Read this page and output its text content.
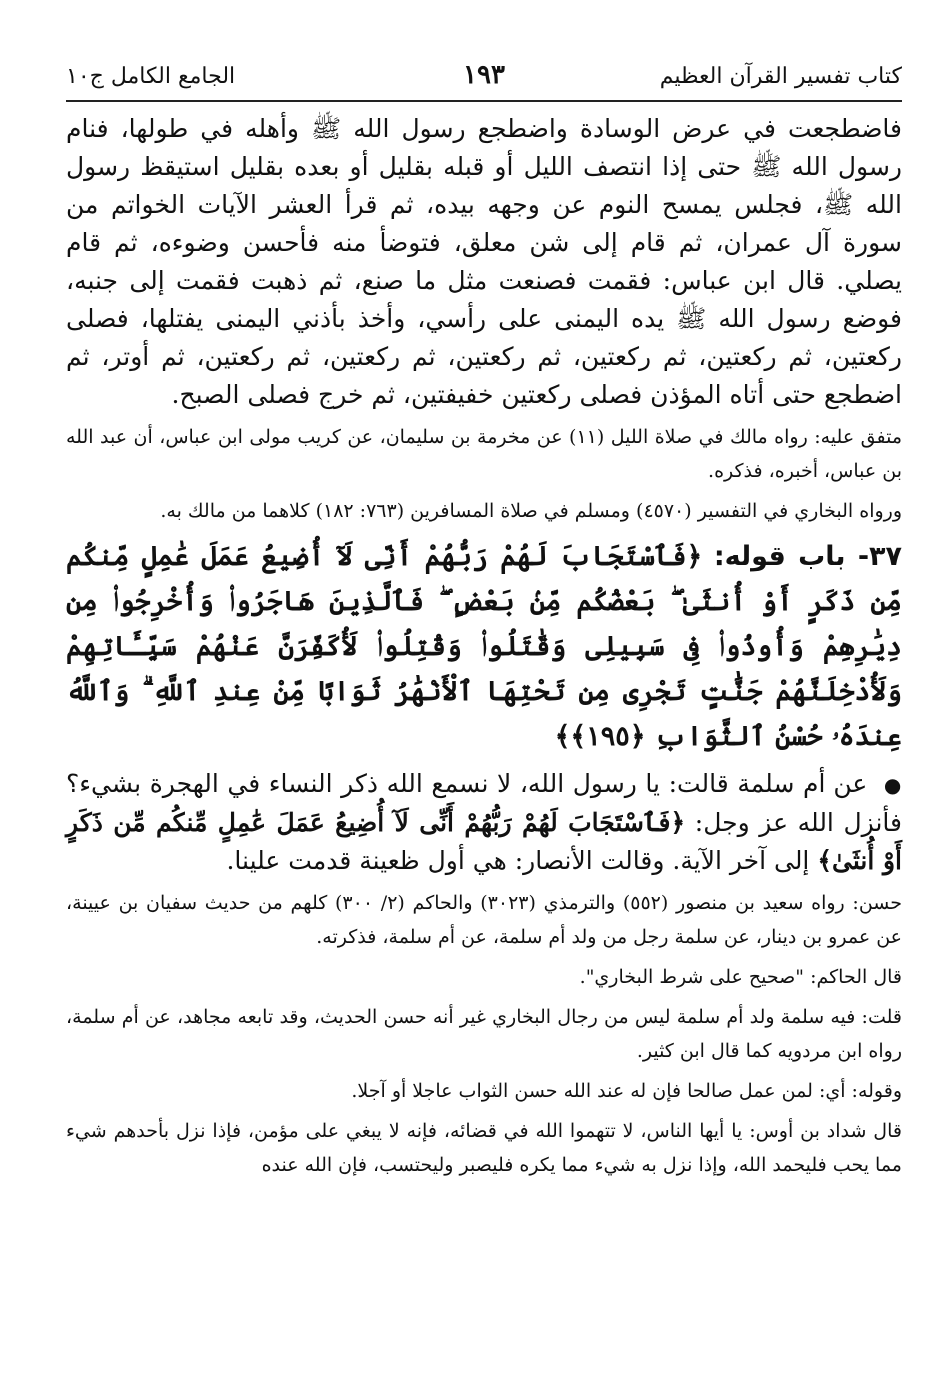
كتاب تفسير القرآن العظيم
١٩٣
الجامع الكامل ج١٠

فاضطجعت في عرض الوسادة واضطجع رسول الله ﷺ وأهله في طولها، فنام رسول الله ﷺ حتى إذا انتصف الليل أو قبله بقليل أو بعده بقليل استيقظ رسول الله ﷺ، فجلس يمسح النوم عن وجهه بيده، ثم قرأ العشر الآيات الخواتم من سورة آل عمران، ثم قام إلى شن معلق، فتوضأ منه فأحسن وضوءه، ثم قام يصلي. قال ابن عباس: فقمت فصنعت مثل ما صنع، ثم ذهبت فقمت إلى جنبه، فوضع رسول الله ﷺ يده اليمنى على رأسي، وأخذ بأذني اليمنى يفتلها، فصلى ركعتين، ثم ركعتين، ثم ركعتين، ثم ركعتين، ثم ركعتين، ثم ركعتين، ثم أوتر، ثم اضطجع حتى أتاه المؤذن فصلى ركعتين خفيفتين، ثم خرج فصلى الصبح.

متفق عليه: رواه مالك في صلاة الليل (١١) عن مخرمة بن سليمان، عن كريب مولى ابن عباس، أن عبد الله بن عباس، أخبره، فذكره.

ورواه البخاري في التفسير (٤٥٧٠) ومسلم في صلاة المسافرين (٧٦٣: ١٨٢) كلاهما من مالك به.

٣٧- باب قوله: ﴿فَٱسْتَجَابَ لَهُمْ رَبُّهُمْ أَنِّى لَآ أُضِيعُ عَمَلَ عَٰمِلٍ مِّنكُم مِّن ذَكَرٍ أَوْ أُنثَىٰ ۖ بَعْضُكُم مِّنۢ بَعْضٍ ۖ فَٱلَّذِينَ هَاجَرُوا۟ وَأُخْرِجُوا۟ مِن دِيَٰرِهِمْ وَأُوذُوا۟ فِى سَبِيلِى وَقَٰتَلُوا۟ وَقُتِلُوا۟ لَأُكَفِّرَنَّ عَنْهُمْ سَيِّـَٔاتِهِمْ وَلَأُدْخِلَنَّهُمْ جَنَّٰتٍ تَجْرِى مِن تَحْتِهَا ٱلْأَنْهَٰرُ ثَوَابًا مِّنْ عِندِ ٱللَّهِ ۗ وَٱللَّهُ عِندَهُۥ حُسْنُ ٱلثَّوَابِ ﴿١٩٥﴾﴾

● عن أم سلمة قالت: يا رسول الله، لا نسمع الله ذكر النساء في الهجرة بشيء؟ فأنزل الله عز وجل: ﴿فَٱسْتَجَابَ لَهُمْ رَبُّهُمْ أَنِّى لَآ أُضِيعُ عَمَلَ عَٰمِلٍ مِّنكُم مِّن ذَكَرٍ أَوْ أُنثَىٰ﴾ إلى آخر الآية. وقالت الأنصار: هي أول ظعينة قدمت علينا.

حسن: رواه سعيد بن منصور (٥٥٢) والترمذي (٣٠٢٣) والحاكم (٢/ ٣٠٠) كلهم من حديث سفيان بن عيينة، عن عمرو بن دينار، عن سلمة رجل من ولد أم سلمة، عن أم سلمة، فذكرته.

قال الحاكم: "صحيح على شرط البخاري".

قلت: فيه سلمة ولد أم سلمة ليس من رجال البخاري غير أنه حسن الحديث، وقد تابعه مجاهد، عن أم سلمة، رواه ابن مردويه كما قال ابن كثير.

وقوله: أي: لمن عمل صالحا فإن له عند الله حسن الثواب عاجلا أو آجلا.

قال شداد بن أوس: يا أيها الناس، لا تتهموا الله في قضائه، فإنه لا يبغي على مؤمن، فإذا نزل بأحدهم شيء مما يحب فليحمد الله، وإذا نزل به شيء مما يكره فليصبر وليحتسب، فإن الله عنده
